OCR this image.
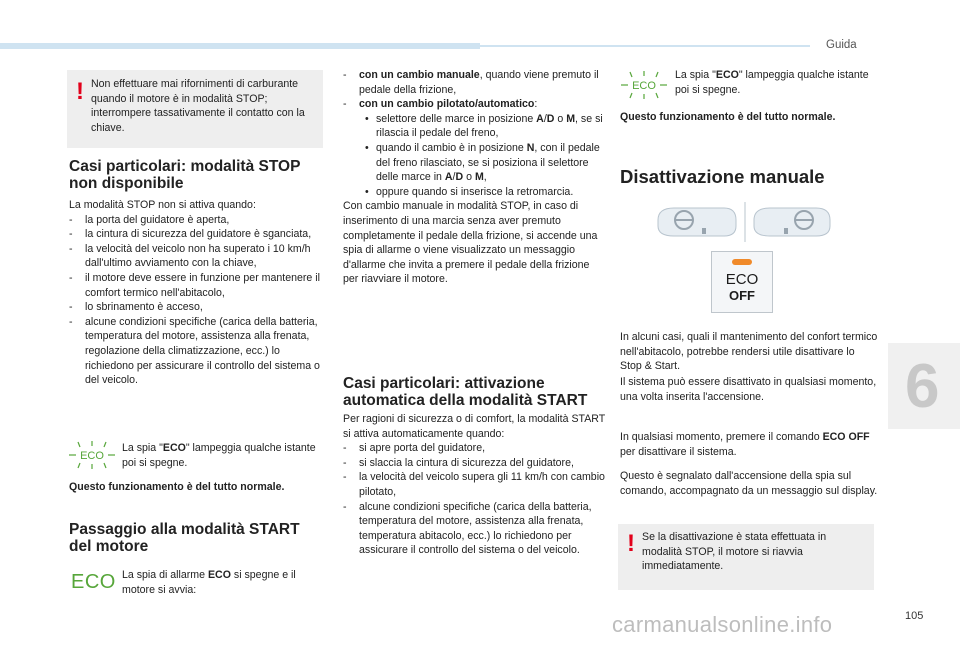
Guida
6
105
! Non effettuare mai rifornimenti di carburante quando il motore è in modalità STOP; interrompere tassativamente il contatto con la chiave.
Casi particolari: modalità STOP
non disponibile
La modalità STOP non si attiva quando:
- la porta del guidatore è aperta,
- la cintura di sicurezza del guidatore è sganciata,
- la velocità del veicolo non ha superato i 10 km/h dall'ultimo avviamento con la chiave,
- il motore deve essere in funzione per mantenere il comfort termico nell'abitacolo,
- lo sbrinamento è acceso,
- alcune condizioni specifiche (carica della batteria, temperatura del motore, assistenza alla frenata, regolazione della climatizzazione, ecc.) lo richiedono per assicurare il controllo del sistema o del veicolo.
ECO
La spia "ECO" lampeggia qualche istante poi si spegne.
Questo funzionamento è del tutto normale.
Passaggio alla modalità START
del motore
ECO La spia di allarme ECO si spegne e il motore si avvia:
- con un cambio manuale, quando viene premuto il pedale della frizione,
- con un cambio pilotato/automatico:
• selettore delle marce in posizione A/D o M, se si rilascia il pedale del freno,
• quando il cambio è in posizione N, con il pedale del freno rilasciato, se si posiziona il selettore delle marce in A/D o M,
• oppure quando si inserisce la retromarcia.
Con cambio manuale in modalità STOP, in caso di inserimento di una marcia senza aver premuto completamente il pedale della frizione, si accende una spia di allarme o viene visualizzato un messaggio d'allarme che invita a premere il pedale della frizione per riavviare il motore.
Casi particolari: attivazione
automatica della modalità START
Per ragioni di sicurezza o di comfort, la modalità START si attiva automaticamente quando:
- si apre porta del guidatore,
- si slaccia la cintura di sicurezza del guidatore,
- la velocità del veicolo supera gli 11 km/h con cambio pilotato,
- alcune condizioni specifiche (carica della batteria, temperatura del motore, assistenza alla frenata, temperatura abitacolo, ecc.) lo richiedono per assicurare il controllo del sistema o del veicolo.
ECO
La spia "ECO" lampeggia qualche istante poi si spegne.
Questo funzionamento è del tutto normale.
Disattivazione manuale
ECO
OFF
In alcuni casi, quali il mantenimento del confort termico nell'abitacolo, potrebbe rendersi utile disattivare lo Stop & Start.
Il sistema può essere disattivato in qualsiasi momento, una volta inserita l'accensione.
In qualsiasi momento, premere il comando ECO OFF per disattivare il sistema.
Questo è segnalato dall'accensione della spia sul comando, accompagnato da un messaggio sul display.
! Se la disattivazione è stata effettuata in modalità STOP, il motore si riavvia immediatamente.
carmanualsonline.info
